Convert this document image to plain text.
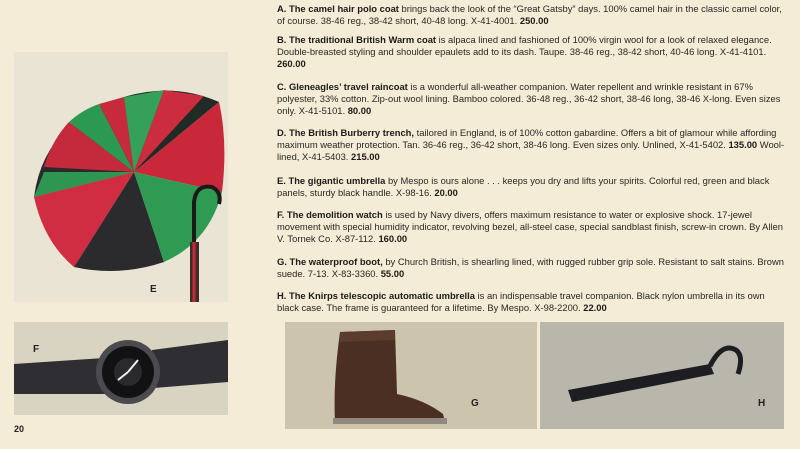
E
F
G	H

A. The camel hair polo coat brings back the look of the “Great Gatsby” days. 100% camel hair in the classic camel color, of course. 38-46 reg., 38-42 short, 40-48 long. X-41-4001. 250.00

B. The traditional British Warm coat is alpaca lined and fashioned of 100% virgin wool for a look of relaxed elegance. Double-breasted styling and shoulder epaulets add to its dash. Taupe. 38-46 reg., 38-42 short, 40-46 long. X-41-4101. 260.00

C. Gleneagles’ travel raincoat is a wonderful all-weather companion. Water repellent and wrinkle resistant in 67% polyester, 33% cotton. Zip-out wool lining. Bamboo colored. 36-48 reg., 36-42 short, 38-46 long, 38-46 X-long. Even sizes only. X-41-5101. 80.00

D. The British Burberry trench, tailored in England, is of 100% cotton gabardine. Offers a bit of glamour while affording maximum weather protection. Tan. 36-46 reg., 36-42 short, 38-46 long. Even sizes only. Unlined, X-41-5402. 135.00 Wool-lined, X-41-5403. 215.00

E. The gigantic umbrella by Mespo is ours alone . . . keeps you dry and lifts your spirits. Colorful red, green and black panels, sturdy black handle. X-98-16. 20.00

F. The demolition watch is used by Navy divers, offers maximum resistance to water or explosive shock. 17-jewel movement with special humidity indicator, revolving bezel, all-steel case, special sandblast finish, screw-in crown. By Allen V. Tornek Co. X-87-112. 160.00

G. The waterproof boot, by Church British, is shearling lined, with rugged rubber grip sole. Resistant to salt stains. Brown suede. 7-13. X-83-3360. 55.00

H. The Knirps telescopic automatic umbrella is an indispensable travel companion. Black nylon umbrella in its own black case. The frame is guaranteed for a lifetime. By Mespo. X-98-2200. 22.00

20
